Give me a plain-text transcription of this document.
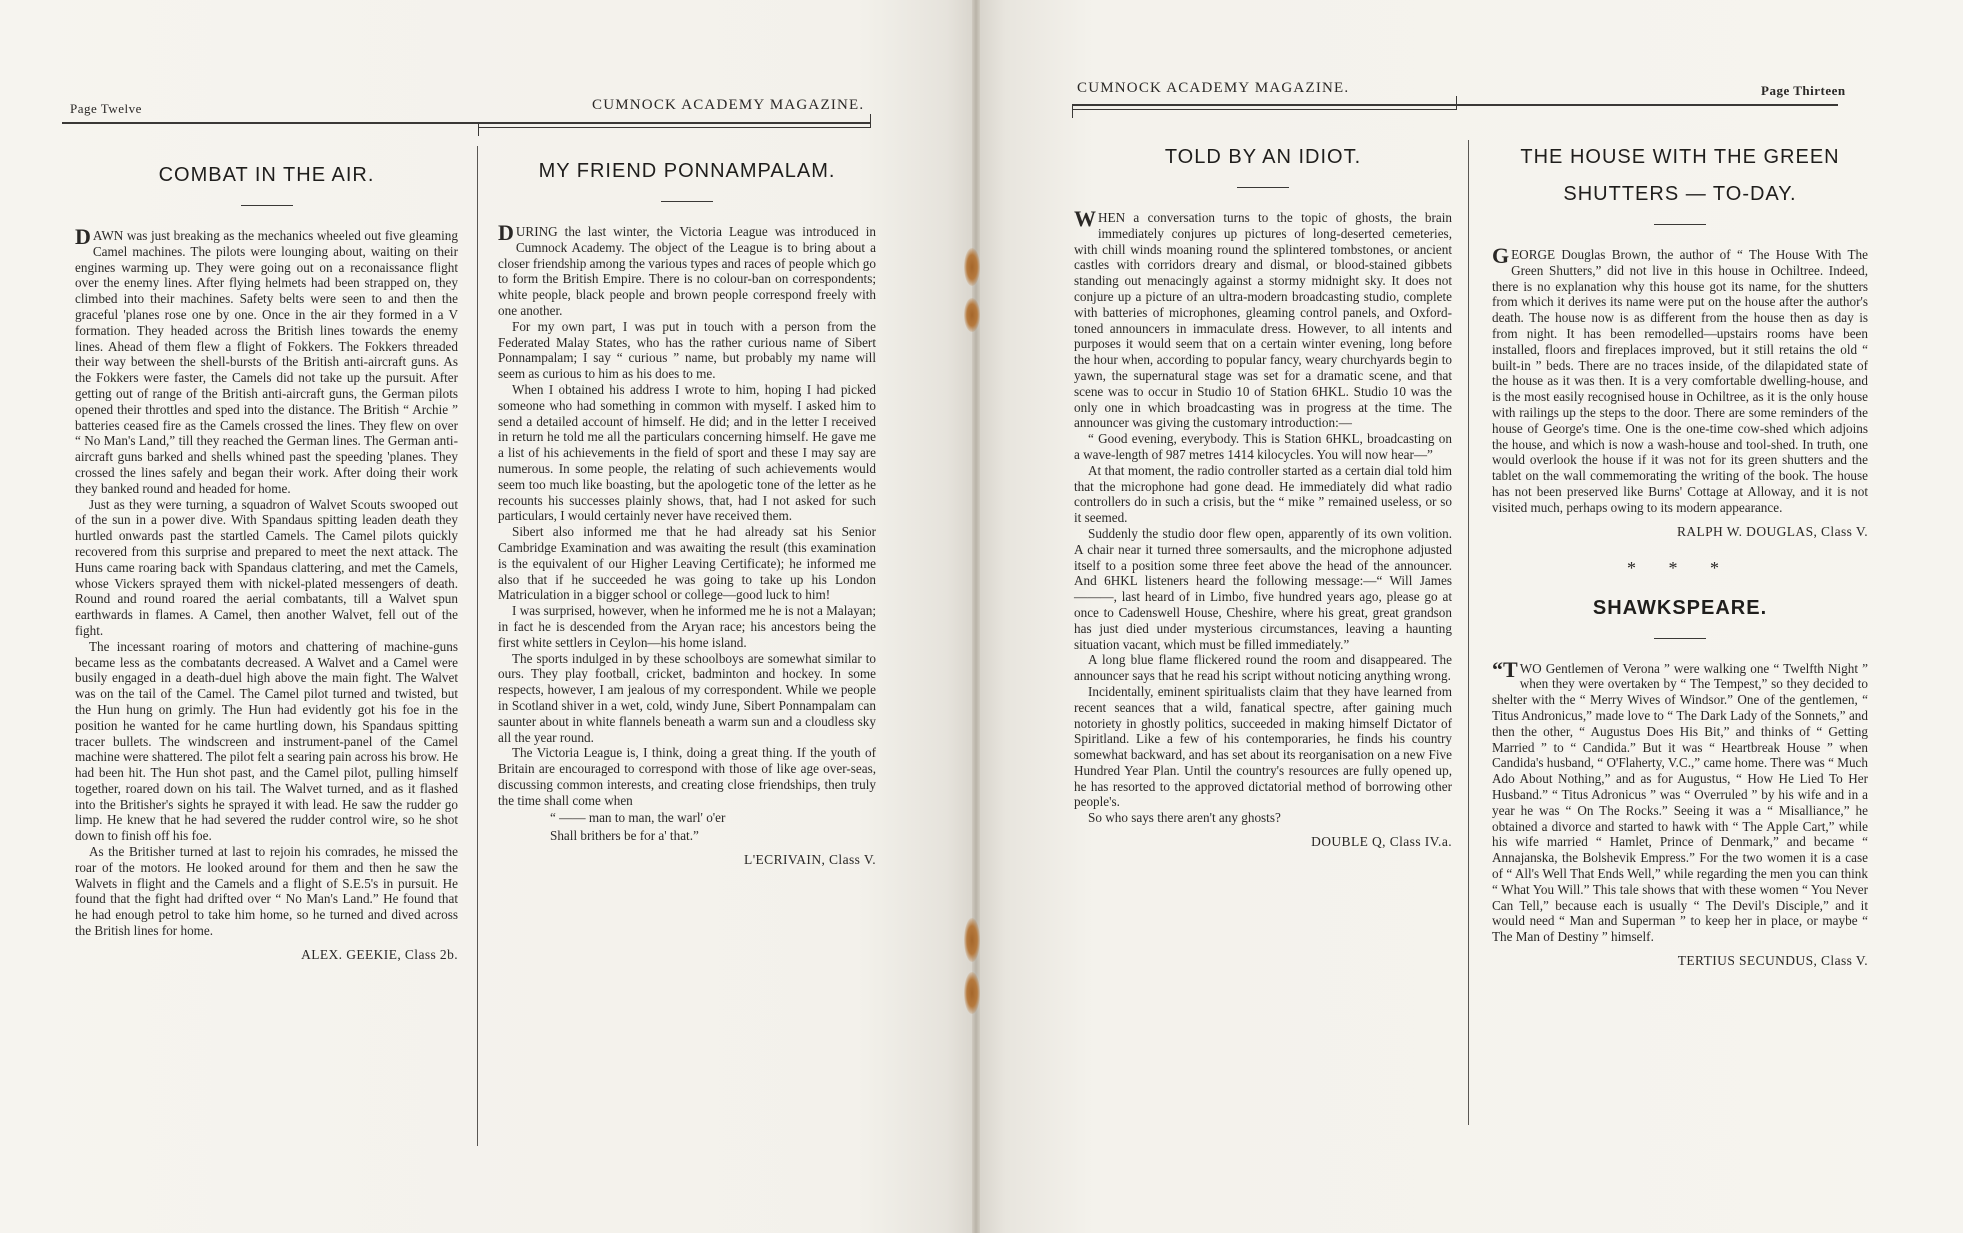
Page Twelve	CUMNOCK ACADEMY MAGAZINE.
COMBAT IN THE AIR.

DAWN was just breaking as the mechanics wheeled out five gleaming Camel machines. The pilots were lounging about, waiting on their engines warming up. They were going out on a reconaissance flight over the enemy lines. After flying helmets had been strapped on, they climbed into their machines. Safety belts were seen to and then the graceful 'planes rose one by one. Once in the air they formed in a V formation. They headed across the British lines towards the enemy lines. Ahead of them flew a flight of Fokkers. The Fokkers threaded their way between the shell-bursts of the British anti-aircraft guns. As the Fokkers were faster, the Camels did not take up the pursuit. After getting out of range of the British anti-aircraft guns, the German pilots opened their throttles and sped into the distance. The British “ Archie ” batteries ceased fire as the Camels crossed the lines. They flew on over “ No Man's Land,” till they reached the German lines. The German anti-aircraft guns barked and shells whined past the speeding 'planes. They crossed the lines safely and began their work. After doing their work they banked round and headed for home.

Just as they were turning, a squadron of Walvet Scouts swooped out of the sun in a power dive. With Spandaus spitting leaden death they hurtled onwards past the startled Camels. The Camel pilots quickly recovered from this surprise and prepared to meet the next attack. The Huns came roaring back with Spandaus clattering, and met the Camels, whose Vickers sprayed them with nickel-plated messengers of death. Round and round roared the aerial combatants, till a Walvet spun earthwards in flames. A Camel, then another Walvet, fell out of the fight.

The incessant roaring of motors and chattering of machine-guns became less as the combatants decreased. A Walvet and a Camel were busily engaged in a death-duel high above the main fight. The Walvet was on the tail of the Camel. The Camel pilot turned and twisted, but the Hun hung on grimly. The Hun had evidently got his foe in the position he wanted for he came hurtling down, his Spandaus spitting tracer bullets. The windscreen and instrument-panel of the Camel machine were shattered. The pilot felt a searing pain across his brow. He had been hit. The Hun shot past, and the Camel pilot, pulling himself together, roared down on his tail. The Walvet turned, and as it flashed into the Britisher's sights he sprayed it with lead. He saw the rudder go limp. He knew that he had severed the rudder control wire, so he shot down to finish off his foe.

As the Britisher turned at last to rejoin his comrades, he missed the roar of the motors. He looked around for them and then he saw the Walvets in flight and the Camels and a flight of S.E.5's in pursuit. He found that the fight had drifted over “ No Man's Land.” He found that he had enough petrol to take him home, so he turned and dived across the British lines for home.

ALEX. GEEKIE, Class 2b.
MY FRIEND PONNAMPALAM.

DURING the last winter, the Victoria League was introduced in Cumnock Academy. The object of the League is to bring about a closer friendship among the various types and races of people which go to form the British Empire. There is no colour-ban on correspondents; white people, black people and brown people correspond freely with one another.

For my own part, I was put in touch with a person from the Federated Malay States, who has the rather curious name of Sibert Ponnampalam; I say “ curious ” name, but probably my name will seem as curious to him as his does to me.

When I obtained his address I wrote to him, hoping I had picked someone who had something in common with myself. I asked him to send a detailed account of himself. He did; and in the letter I received in return he told me all the particulars concerning himself. He gave me a list of his achievements in the field of sport and these I may say are numerous. In some people, the relating of such achievements would seem too much like boasting, but the apologetic tone of the letter as he recounts his successes plainly shows, that, had I not asked for such particulars, I would certainly never have received them.

Sibert also informed me that he had already sat his Senior Cambridge Examination and was awaiting the result (this examination is the equivalent of our Higher Leaving Certificate); he informed me also that if he succeeded he was going to take up his London Matriculation in a bigger school or college—good luck to him!

I was surprised, however, when he informed me he is not a Malayan; in fact he is descended from the Aryan race; his ancestors being the first white settlers in Ceylon—his home island.

The sports indulged in by these schoolboys are somewhat similar to ours. They play football, cricket, badminton and hockey. In some respects, however, I am jealous of my correspondent. While we people in Scotland shiver in a wet, cold, windy June, Sibert Ponnampalam can saunter about in white flannels beneath a warm sun and a cloudless sky all the year round.

The Victoria League is, I think, doing a great thing. If the youth of Britain are encouraged to correspond with those of like age over-seas, discussing common interests, and creating close friendships, then truly the time shall come when

“ —— man to man, the warl' o'er
Shall brithers be for a' that.”
L'ECRIVAIN, Class V.
CUMNOCK ACADEMY MAGAZINE.	Page Thirteen
TOLD BY AN IDIOT.

WHEN a conversation turns to the topic of ghosts, the brain immediately conjures up pictures of long-deserted cemeteries, with chill winds moaning round the splintered tombstones, or ancient castles with corridors dreary and dismal, or blood-stained gibbets standing out menacingly against a stormy midnight sky. It does not conjure up a picture of an ultra-modern broadcasting studio, complete with batteries of microphones, gleaming control panels, and Oxford-toned announcers in immaculate dress. However, to all intents and purposes it would seem that on a certain winter evening, long before the hour when, according to popular fancy, weary churchyards begin to yawn, the supernatural stage was set for a dramatic scene, and that scene was to occur in Studio 10 of Station 6HKL. Studio 10 was the only one in which broadcasting was in progress at the time. The announcer was giving the customary introduction:—

“ Good evening, everybody. This is Station 6HKL, broadcasting on a wave-length of 987 metres 1414 kilocycles. You will now hear—”

At that moment, the radio controller started as a certain dial told him that the microphone had gone dead. He immediately did what radio controllers do in such a crisis, but the “ mike ” remained useless, or so it seemed.

Suddenly the studio door flew open, apparently of its own volition. A chair near it turned three somersaults, and the microphone adjusted itself to a position some three feet above the head of the announcer. And 6HKL listeners heard the following message:—“ Will James ———, last heard of in Limbo, five hundred years ago, please go at once to Cadenswell House, Cheshire, where his great, great grandson has just died under mysterious circumstances, leaving a haunting situation vacant, which must be filled immediately.”

A long blue flame flickered round the room and disappeared. The announcer says that he read his script without noticing anything wrong.

Incidentally, eminent spiritualists claim that they have learned from recent seances that a wild, fanatical spectre, after gaining much notoriety in ghostly politics, succeeded in making himself Dictator of Spiritland. Like a few of his contemporaries, he finds his country somewhat backward, and has set about its reorganisation on a new Five Hundred Year Plan. Until the country's resources are fully opened up, he has resorted to the approved dictatorial method of borrowing other people's.

So who says there aren't any ghosts?

DOUBLE Q, Class IV.a.
THE HOUSE WITH THE GREEN
SHUTTERS — TO-DAY.

GEORGE Douglas Brown, the author of “ The House With The Green Shutters,” did not live in this house in Ochiltree. Indeed, there is no explanation why this house got its name, for the shutters from which it derives its name were put on the house after the author's death. The house now is as different from the house then as day is from night. It has been remodelled—upstairs rooms have been installed, floors and fireplaces improved, but it still retains the old “ built-in ” beds. There are no traces inside, of the dilapidated state of the house as it was then. It is a very comfortable dwelling-house, and is the most easily recognised house in Ochiltree, as it is the only house with railings up the steps to the door. There are some reminders of the house of George's time. One is the one-time cow-shed which adjoins the house, and which is now a wash-house and tool-shed. In truth, one would overlook the house if it was not for its green shutters and the tablet on the wall commemorating the writing of the book. The house has not been preserved like Burns' Cottage at Alloway, and it is not visited much, perhaps owing to its modern appearance.

RALPH W. DOUGLAS, Class V.
* * *
SHAWKSPEARE.

“TWO Gentlemen of Verona ” were walking one “ Twelfth Night ” when they were overtaken by “ The Tempest,” so they decided to shelter with the “ Merry Wives of Windsor.” One of the gentlemen, “ Titus Andronicus,” made love to “ The Dark Lady of the Sonnets,” and then the other, “ Augustus Does His Bit,” and thinks of “ Getting Married ” to “ Candida.” But it was “ Heartbreak House ” when Candida's husband, “ O'Flaherty, V.C.,” came home. There was “ Much Ado About Nothing,” and as for Augustus, “ How He Lied To Her Husband.” “ Titus Adronicus ” was “ Overruled ” by his wife and in a year he was “ On The Rocks.” Seeing it was a “ Misalliance,” he obtained a divorce and started to hawk with “ The Apple Cart,” while his wife married “ Hamlet, Prince of Denmark,” and became “ Annajanska, the Bolshevik Empress.” For the two women it is a case of “ All's Well That Ends Well,” while regarding the men you can think “ What You Will.” This tale shows that with these women “ You Never Can Tell,” because each is usually “ The Devil's Disciple,” and it would need “ Man and Superman ” to keep her in place, or maybe “ The Man of Destiny ” himself.

TERTIUS SECUNDUS, Class V.
